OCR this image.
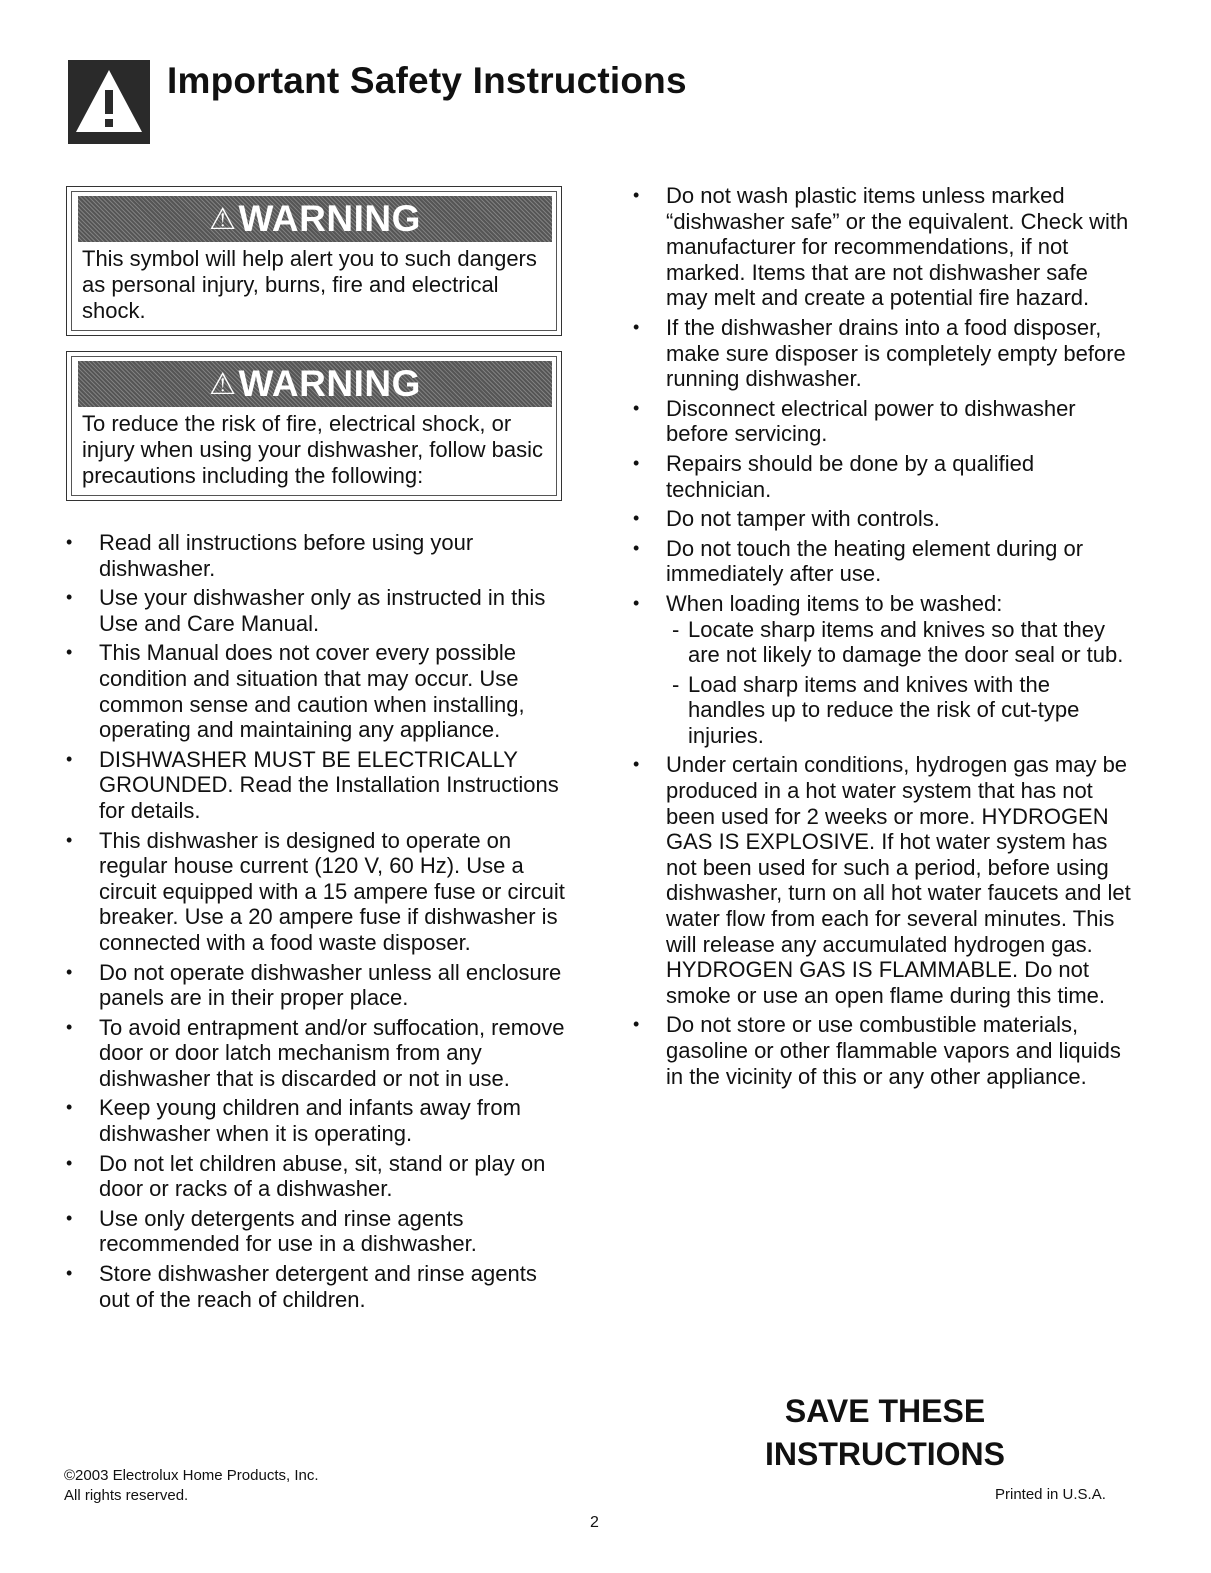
Important Safety Instructions
⚠ WARNING
This symbol will help alert you to such dangers as personal injury, burns, fire and electrical shock.
⚠ WARNING
To reduce the risk of fire, electrical shock, or injury when using your dishwasher, follow basic precautions including the following:
• Read all instructions before using your dishwasher.
• Use your dishwasher only as instructed in this Use and Care Manual.
• This Manual does not cover every possible condition and situation that may occur. Use common sense and caution when installing, operating and maintaining any appliance.
• DISHWASHER MUST BE ELECTRICALLY GROUNDED. Read the Installation Instructions for details.
• This dishwasher is designed to operate on regular house current (120 V, 60 Hz). Use a circuit equipped with a 15 ampere fuse or circuit breaker. Use a 20 ampere fuse if dishwasher is connected with a food waste disposer.
• Do not operate dishwasher unless all enclosure panels are in their proper place.
• To avoid entrapment and/or suffocation, remove door or door latch mechanism from any dishwasher that is discarded or not in use.
• Keep young children and infants away from dishwasher when it is operating.
• Do not let children abuse, sit, stand or play on door or racks of a dishwasher.
• Use only detergents and rinse agents recommended for use in a dishwasher.
• Store dishwasher detergent and rinse agents out of the reach of children.
• Do not wash plastic items unless marked “dishwasher safe” or the equivalent. Check with manufacturer for recommendations, if not marked. Items that are not dishwasher safe may melt and create a potential fire hazard.
• If the dishwasher drains into a food disposer, make sure disposer is completely empty before running dishwasher.
• Disconnect electrical power to dishwasher before servicing.
• Repairs should be done by a qualified technician.
• Do not tamper with controls.
• Do not touch the heating element during or immediately after use.
• When loading items to be washed:
- Locate sharp items and knives so that they are not likely to damage the door seal or tub.
- Load sharp items and knives with the handles up to reduce the risk of cut-type injuries.
• Under certain conditions, hydrogen gas may be produced in a hot water system that has not been used for 2 weeks or more. HYDROGEN GAS IS EXPLOSIVE. If hot water system has not been used for such a period, before using dishwasher, turn on all hot water faucets and let water flow from each for several minutes. This will release any accumulated hydrogen gas. HYDROGEN GAS IS FLAMMABLE. Do not smoke or use an open flame during this time.
• Do not store or use combustible materials, gasoline or other flammable vapors and liquids in the vicinity of this or any other appliance.
SAVE THESE
INSTRUCTIONS
©2003 Electrolux Home Products, Inc.
All rights reserved.	Printed in U.S.A.
2
